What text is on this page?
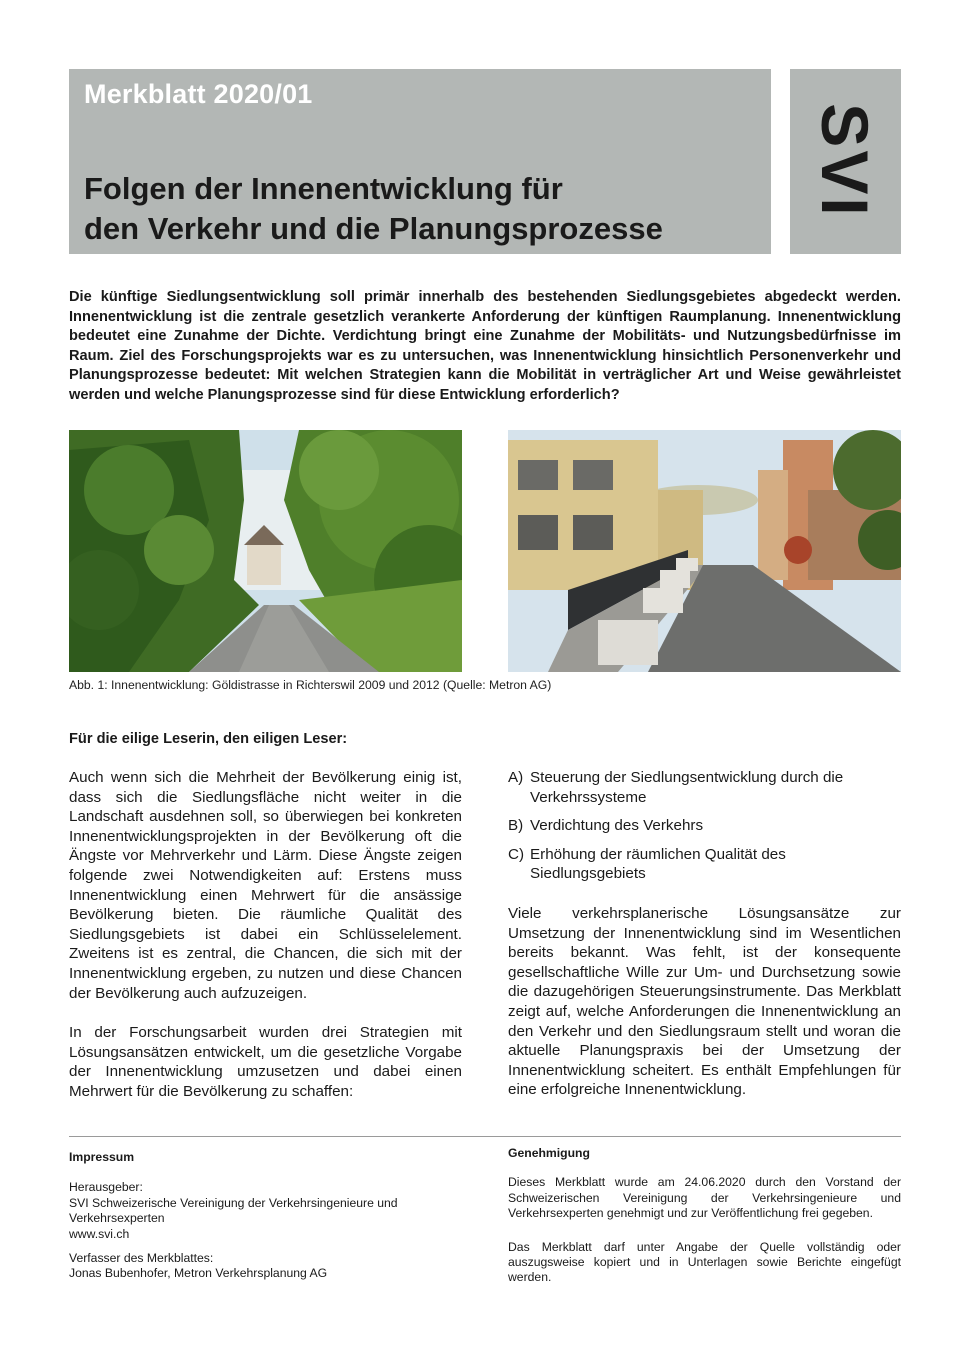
Merkblatt 2020/01
Folgen der Innenentwicklung für
den Verkehr und die Planungsprozesse
SVI

Die künftige Siedlungsentwicklung soll primär innerhalb des bestehenden Siedlungsgebietes abgedeckt werden. Innenentwicklung ist die zentrale gesetzlich verankerte Anforderung der künftigen Raumplanung. Innenentwicklung bedeutet eine Zunahme der Dichte. Verdichtung bringt eine Zunahme der Mobilitäts- und Nutzungsbedürfnisse im Raum. Ziel des Forschungsprojekts war es zu untersuchen, was Innenentwicklung hinsichtlich Personenverkehr und Planungsprozesse bedeutet: Mit welchen Strategien kann die Mobilität in verträglicher Art und Weise gewährleistet werden und welche Planungsprozesse sind für diese Entwicklung erforderlich?

Abb. 1: Innenentwicklung: Göldistrasse in Richterswil 2009 und 2012 (Quelle: Metron AG)

Für die eilige Leserin, den eiligen Leser:

Auch wenn sich die Mehrheit der Bevölkerung einig ist, dass sich die Siedlungsfläche nicht weiter in die Landschaft ausdehnen soll, so überwiegen bei konkreten Innenentwicklungsprojekten in der Bevölkerung oft die Ängste vor Mehrverkehr und Lärm. Diese Ängste zeigen folgende zwei Notwendigkeiten auf: Erstens muss Innenentwicklung einen Mehrwert für die ansässige Bevölkerung bieten. Die räumliche Qualität des Siedlungsgebiets ist dabei ein Schlüsselelement. Zweitens ist es zentral, die Chancen, die sich mit der Innenentwicklung ergeben, zu nutzen und diese Chancen der Bevölkerung auch aufzuzeigen.

In der Forschungsarbeit wurden drei Strategien mit Lösungsansätzen entwickelt, um die gesetzliche Vorgabe der Innenentwicklung umzusetzen und dabei einen Mehrwert für die Bevölkerung zu schaffen:

A) Steuerung der Siedlungsentwicklung durch die Verkehrssysteme
B) Verdichtung des Verkehrs
C) Erhöhung der räumlichen Qualität des Siedlungsgebiets

Viele verkehrsplanerische Lösungsansätze zur Umsetzung der Innenentwicklung sind im Wesentlichen bereits bekannt. Was fehlt, ist der konsequente gesellschaftliche Wille zur Um- und Durchsetzung sowie die dazugehörigen Steuerungsinstrumente. Das Merkblatt zeigt auf, welche Anforderungen die Innenentwicklung an den Verkehr und den Siedlungsraum stellt und woran die aktuelle Planungspraxis bei der Umsetzung der Innenentwicklung scheitert. Es enthält Empfehlungen für eine erfolgreiche Innenentwicklung.

Impressum
Herausgeber:
SVI Schweizerische Vereinigung der Verkehrsingenieure und Verkehrsexperten
www.svi.ch
Verfasser des Merkblattes:
Jonas Bubenhofer, Metron Verkehrsplanung AG
Genehmigung

Dieses Merkblatt wurde am 24.06.2020 durch den Vorstand der Schweizerischen Vereinigung der Verkehrsingenieure und Verkehrsexperten genehmigt und zur Veröffentlichung frei gegeben.

Das Merkblatt darf unter Angabe der Quelle vollständig oder auszugsweise kopiert und in Unterlagen sowie Berichte eingefügt werden.
